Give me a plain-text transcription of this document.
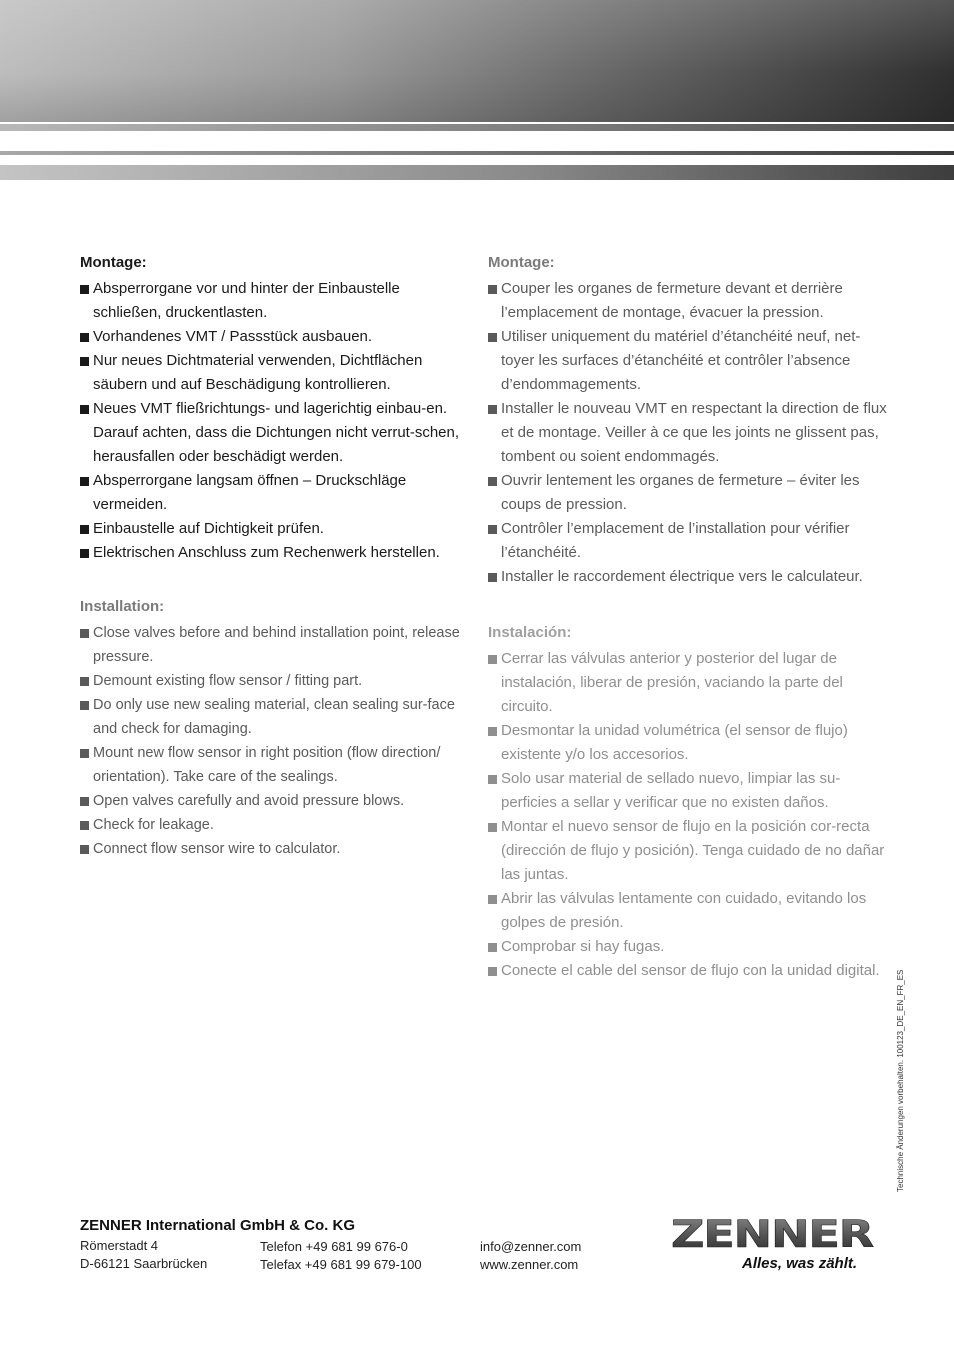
Montage:
Absperrorgane vor und hinter der Einbaustelle schließen, druckentlasten.
Vorhandenes VMT / Passstück ausbauen.
Nur neues Dichtmaterial verwenden, Dichtflächen säubern und auf Beschädigung kontrollieren.
Neues VMT fließrichtungs- und lagerichtig einbau-en. Darauf achten, dass die Dichtungen nicht verrut-schen, herausfallen oder beschädigt werden.
Absperrorgane langsam öffnen – Druckschläge vermeiden.
Einbaustelle auf Dichtigkeit prüfen.
Elektrischen Anschluss zum Rechenwerk herstellen.
Installation:
Close valves before and behind installation point, release pressure.
Demount existing flow sensor / fitting part.
Do only use new sealing material, clean sealing sur-face and check for damaging.
Mount new flow sensor in right position (flow direction/ orientation). Take care of the sealings.
Open valves carefully and avoid pressure blows.
Check for leakage.
Connect flow sensor wire to calculator.
Montage:
Couper les organes de fermeture devant et derrière l’emplacement de montage, évacuer la pression.
Utiliser uniquement du matériel d’étanchéité neuf, net-toyer les surfaces d’étanchéité et contrôler l’absence d’endommagements.
Installer le nouveau VMT en respectant la direction de flux et de montage. Veiller à ce que les joints ne glissent pas, tombent ou soient endommagés.
Ouvrir lentement les organes de fermeture – éviter les coups de pression.
Contrôler l’emplacement de l’installation pour vérifier l’étanchéité.
Installer le raccordement électrique vers le calculateur.
Instalación:
Cerrar las válvulas anterior y posterior del lugar de instalación, liberar de presión, vaciando la parte del circuito.
Desmontar la unidad volumétrica (el sensor de flujo) existente y/o los accesorios.
Solo usar material de sellado nuevo, limpiar las su-perficies a sellar y verificar que no existen daños.
Montar el nuevo sensor de flujo en la posición cor-recta (dirección de flujo y posición). Tenga cuidado de no dañar las juntas.
Abrir las válvulas lentamente con cuidado, evitando los golpes de presión.
Comprobar si hay fugas.
Conecte el cable del sensor de flujo con la unidad digital.	Technische Änderungen vorbehalten. 100123_DE_EN_FR_ES
ZENNER International GmbH & Co. KG
Römerstadt 4
D-66121 Saarbrücken
Telefon +49 681 99 676-0
Telefax +49 681 99 679-100
info@zenner.com
www.zenner.com
ZENNER
Alles, was zählt.
